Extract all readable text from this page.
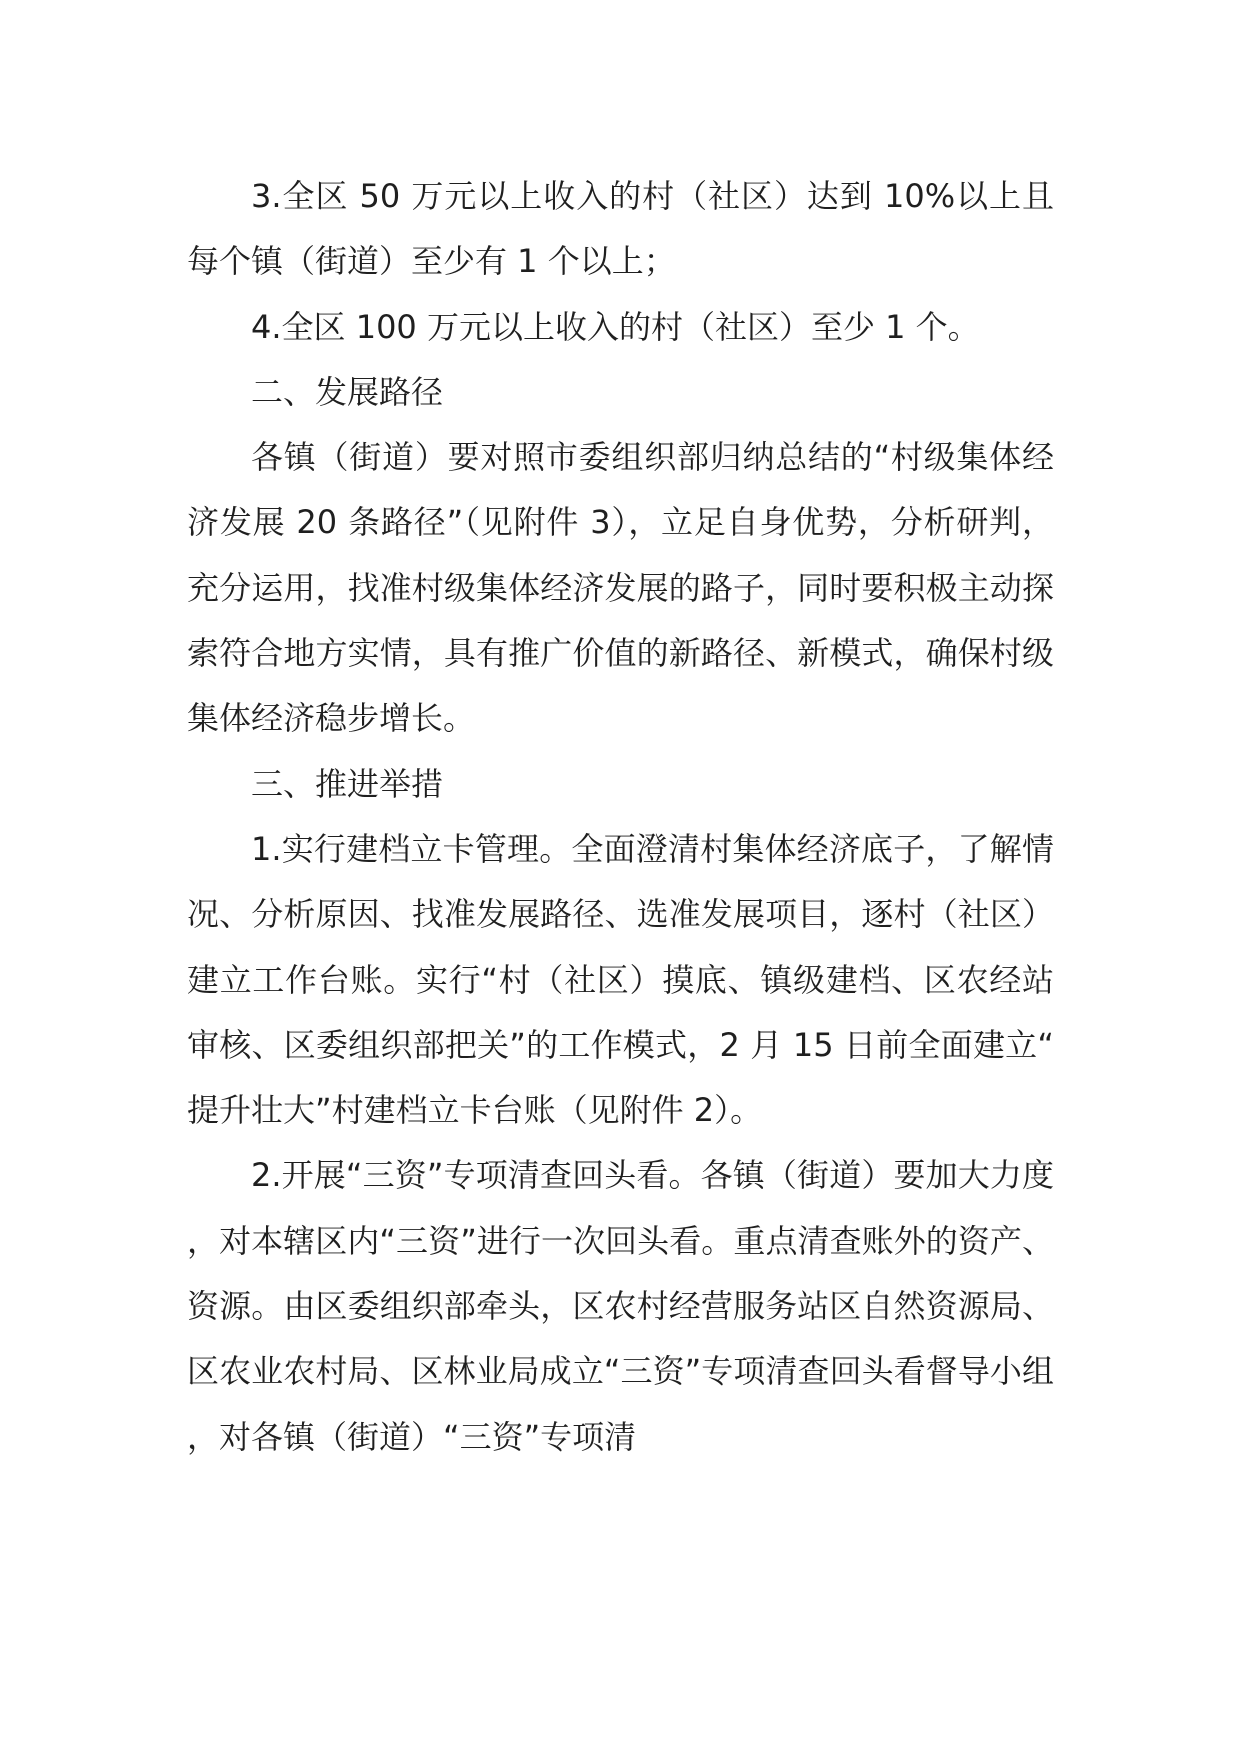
3.全区 50 万元以上收入的村（社区）达到 10%以上且每个镇（街道）至少有 1 个以上；

4.全区 100 万元以上收入的村（社区）至少 1 个。

二、发展路径

各镇（街道）要对照市委组织部归纳总结的“村级集体经济发展 20 条路径”（见附件 3），立足自身优势，分析研判，充分运用，找准村级集体经济发展的路子，同时要积极主动探索符合地方实情，具有推广价值的新路径、新模式，确保村级集体经济稳步增长。

三、推进举措

1.实行建档立卡管理。全面澄清村集体经济底子，了解情况、分析原因、找准发展路径、选准发展项目，逐村（社区）建立工作台账。实行“村（社区）摸底、镇级建档、区农经站审核、区委组织部把关”的工作模式，2 月 15 日前全面建立“提升壮大”村建档立卡台账（见附件 2）。

2.开展“三资”专项清查回头看。各镇（街道）要加大力度，对本辖区内“三资”进行一次回头看。重点清查账外的资产、资源。由区委组织部牵头，区农村经营服务站区自然资源局、区农业农村局、区林业局成立“三资”专项清查回头看督导小组，对各镇（街道）“三资”专项清
